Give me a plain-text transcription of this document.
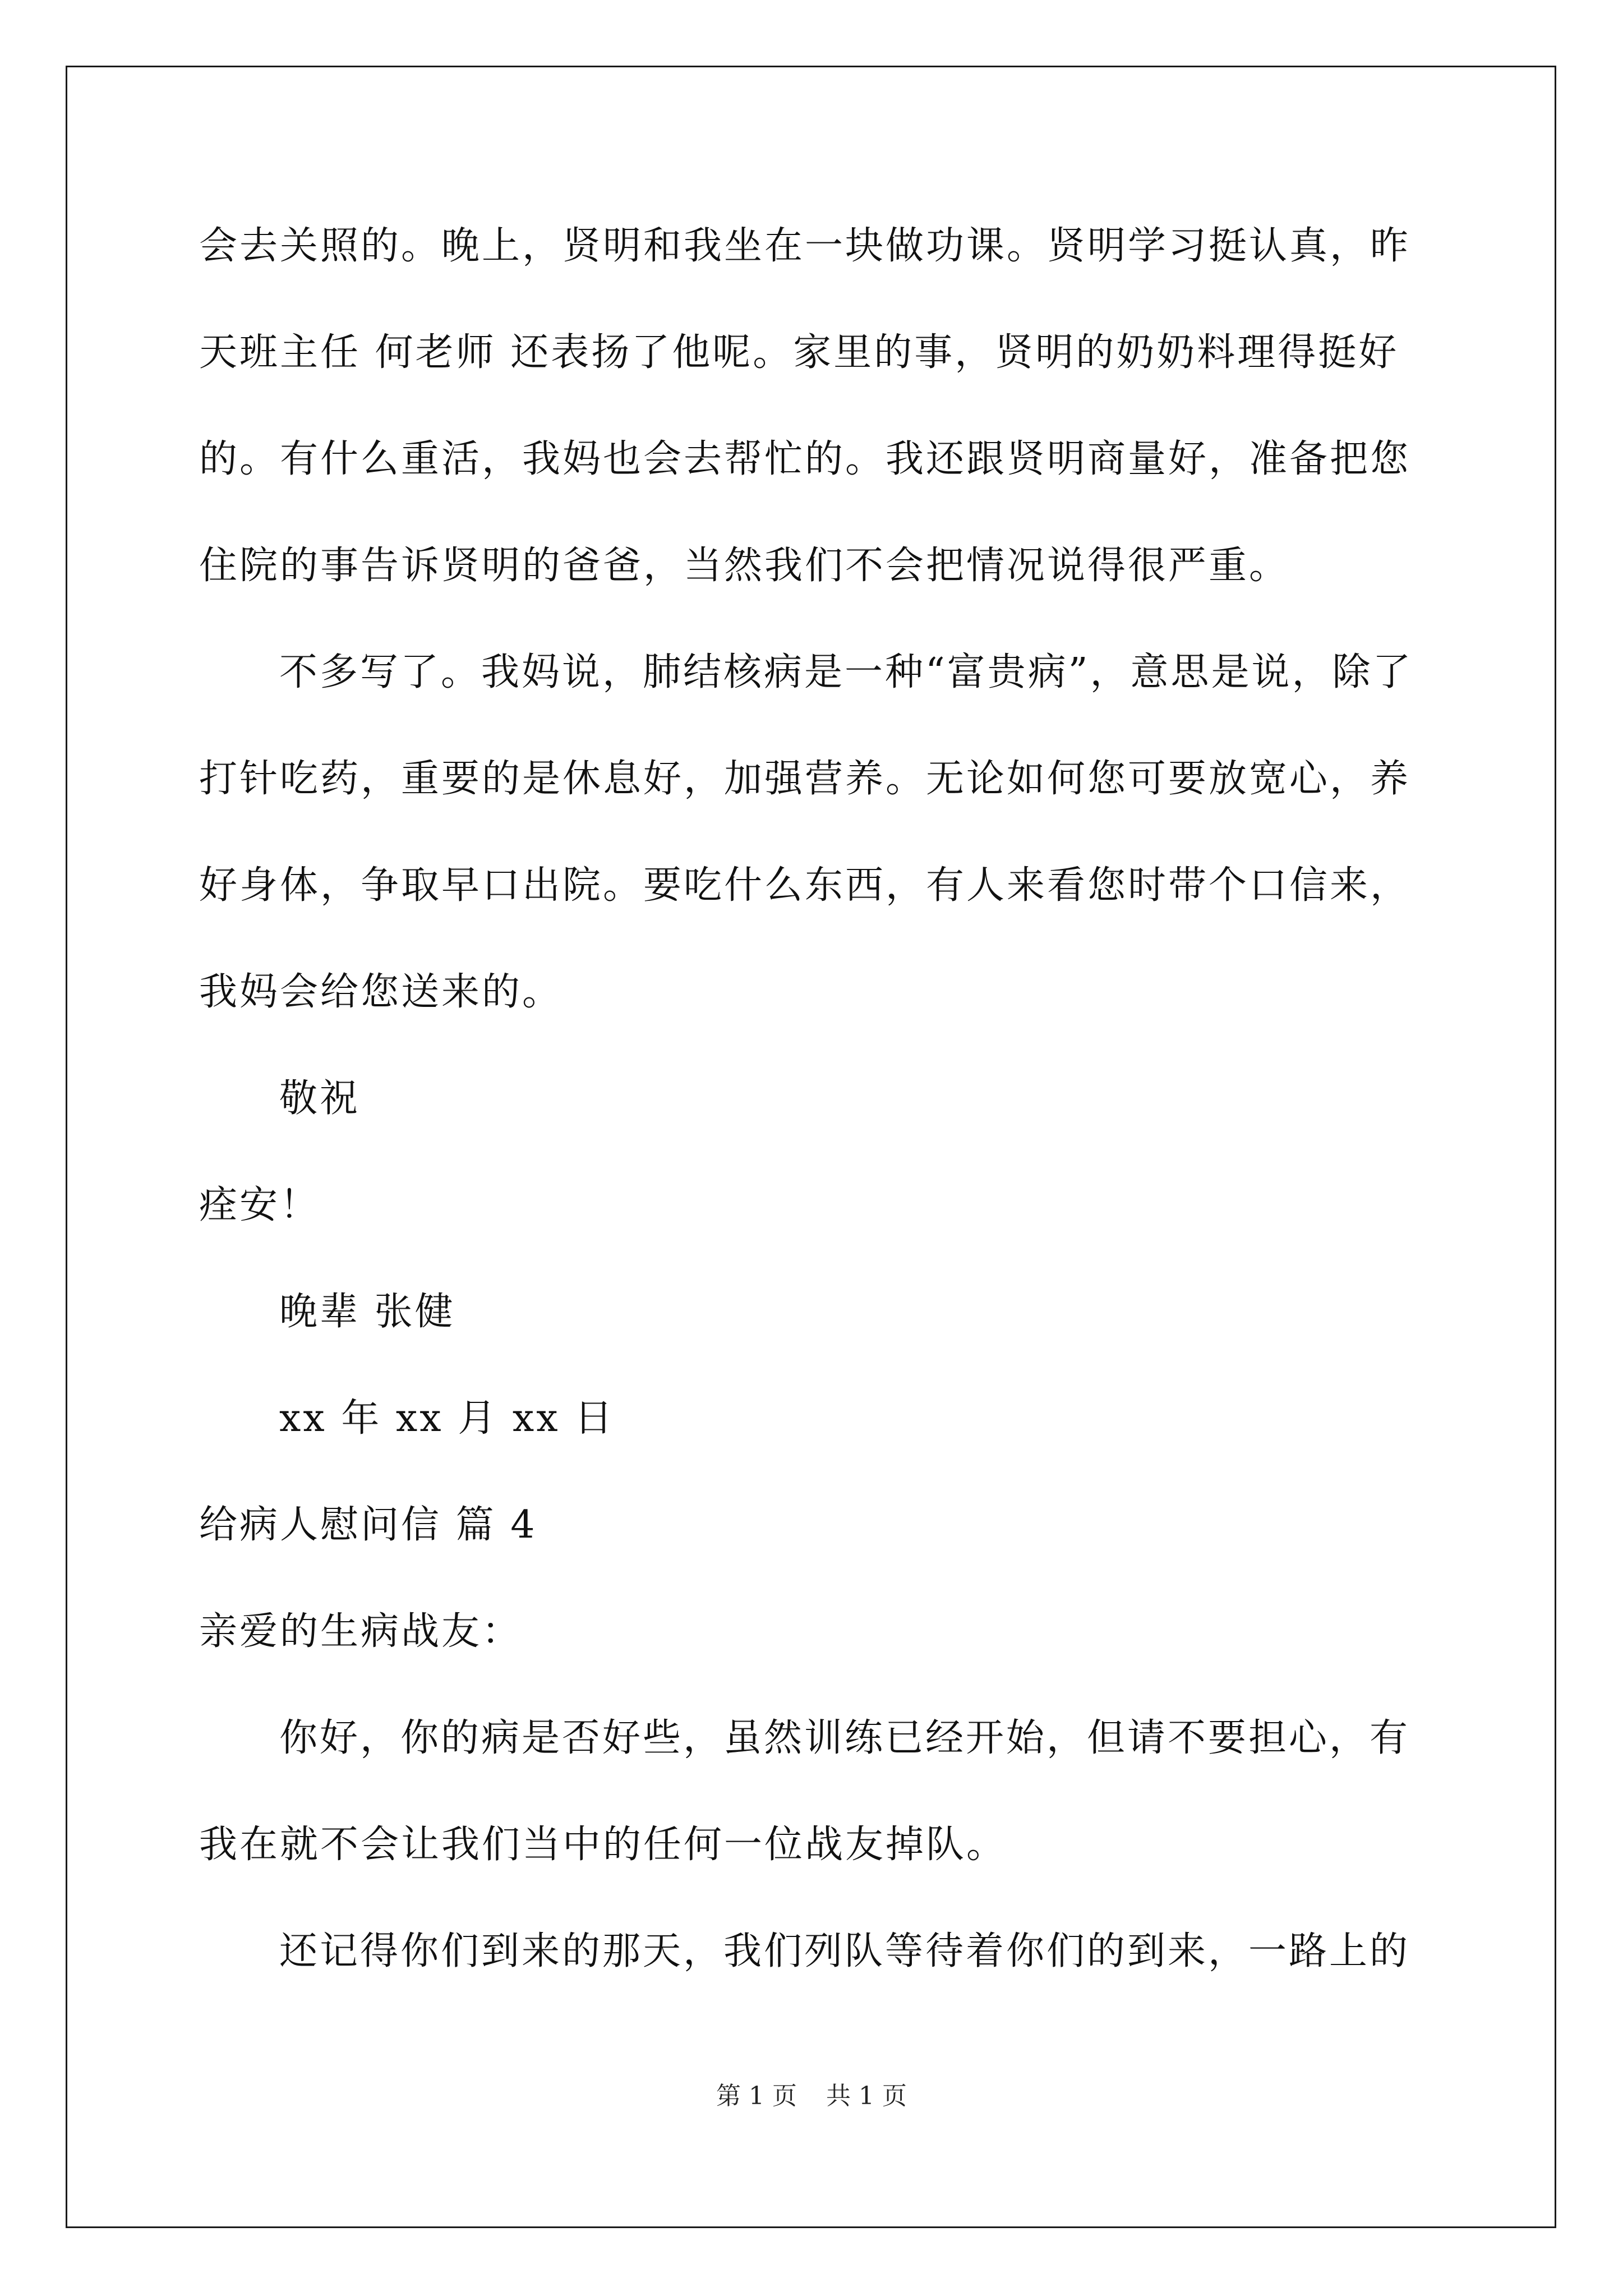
会去关照的。晚上，贤明和我坐在一块做功课。贤明学习挺认真，昨
天班主任 何老师 还表扬了他呢。家里的事，贤明的奶奶料理得挺好
的。有什么重活，我妈也会去帮忙的。我还跟贤明商量好，准备把您
住院的事告诉贤明的爸爸，当然我们不会把情况说得很严重。
不多写了。我妈说，肺结核病是一种“富贵病”，意思是说，除了
打针吃药，重要的是休息好，加强营养。无论如何您可要放宽心，养
好身体，争取早口出院。要吃什么东西，有人来看您时带个口信来，
我妈会给您送来的。
敬祝
痊安！
晚辈 张健
xx 年 xx 月 xx 日
给病人慰问信 篇 4
亲爱的生病战友：
你好，你的病是否好些，虽然训练已经开始，但请不要担心，有
我在就不会让我们当中的任何一位战友掉队。
还记得你们到来的那天，我们列队等待着你们的到来，一路上的
第 1 页 共 1 页
